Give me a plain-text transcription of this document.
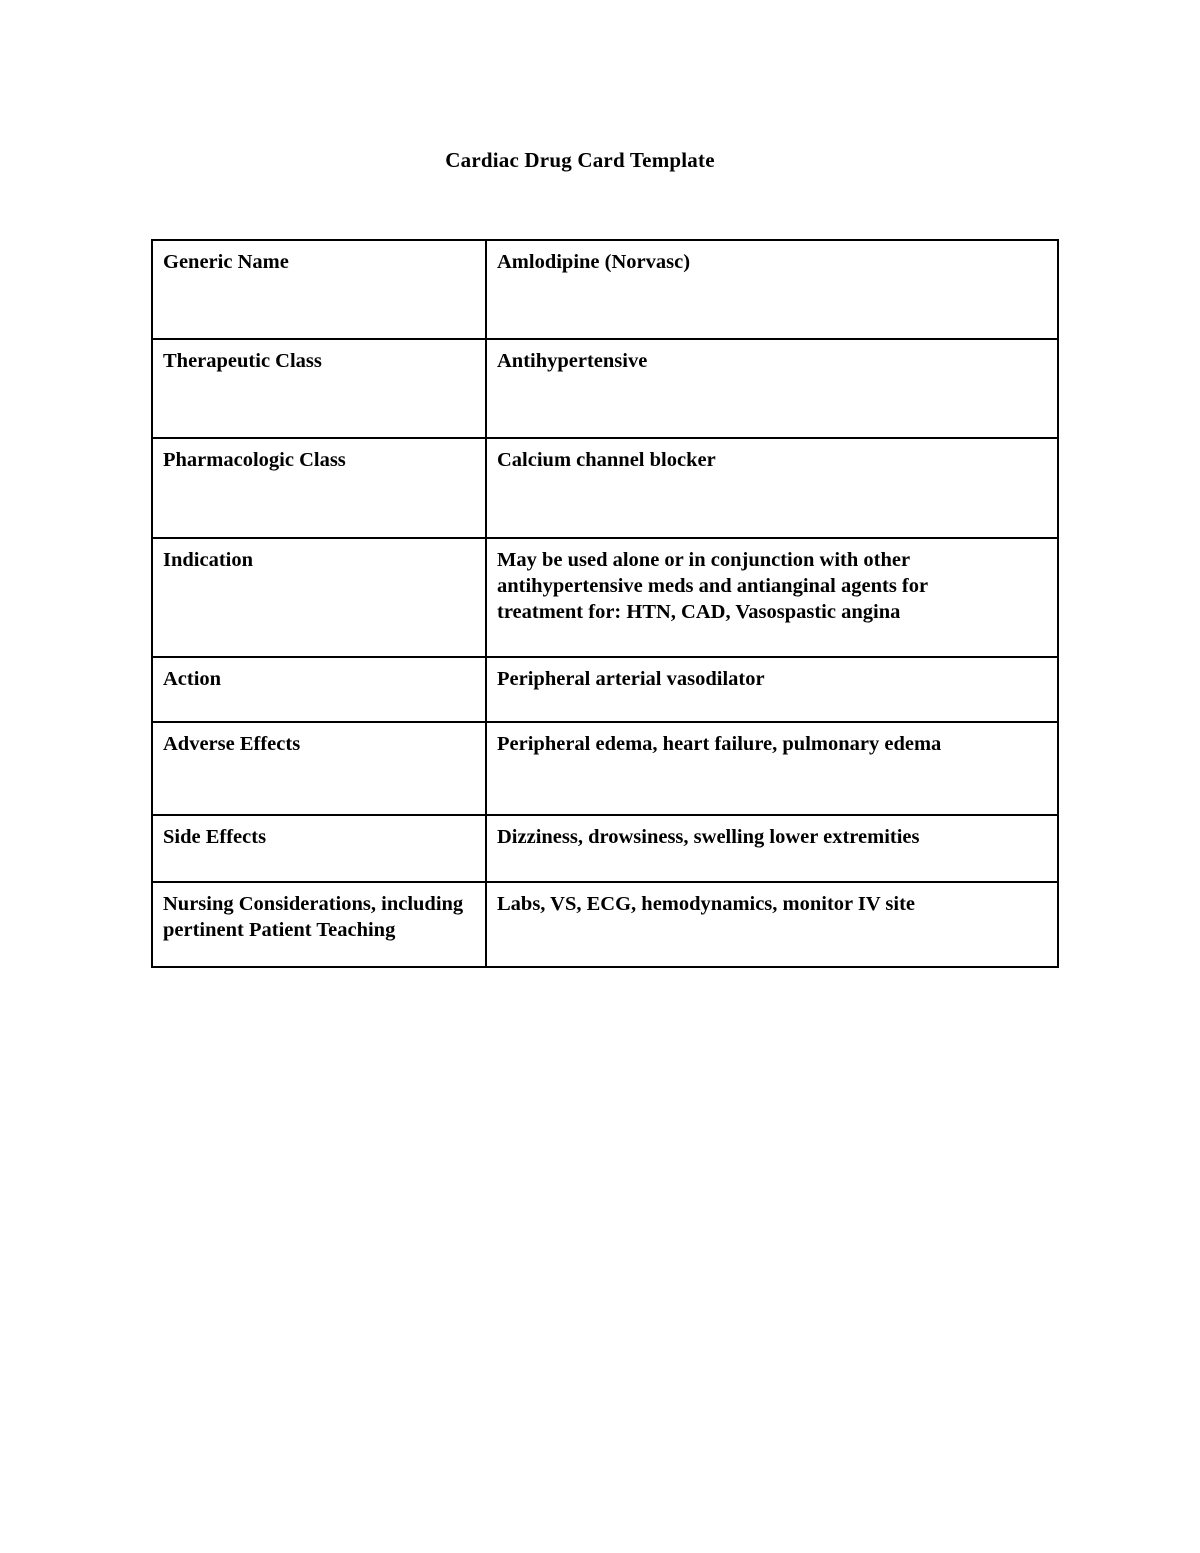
Cardiac Drug Card Template
Generic Name	Amlodipine (Norvasc)
Therapeutic Class	Antihypertensive
Pharmacologic Class	Calcium channel blocker
Indication	May be used alone or in conjunction with other antihypertensive meds and antianginal agents for treatment for: HTN, CAD, Vasospastic angina
Action	Peripheral arterial vasodilator
Adverse Effects	Peripheral edema, heart failure, pulmonary edema
Side Effects	Dizziness, drowsiness, swelling lower extremities
Nursing Considerations, including pertinent Patient Teaching	Labs, VS, ECG, hemodynamics, monitor IV site
